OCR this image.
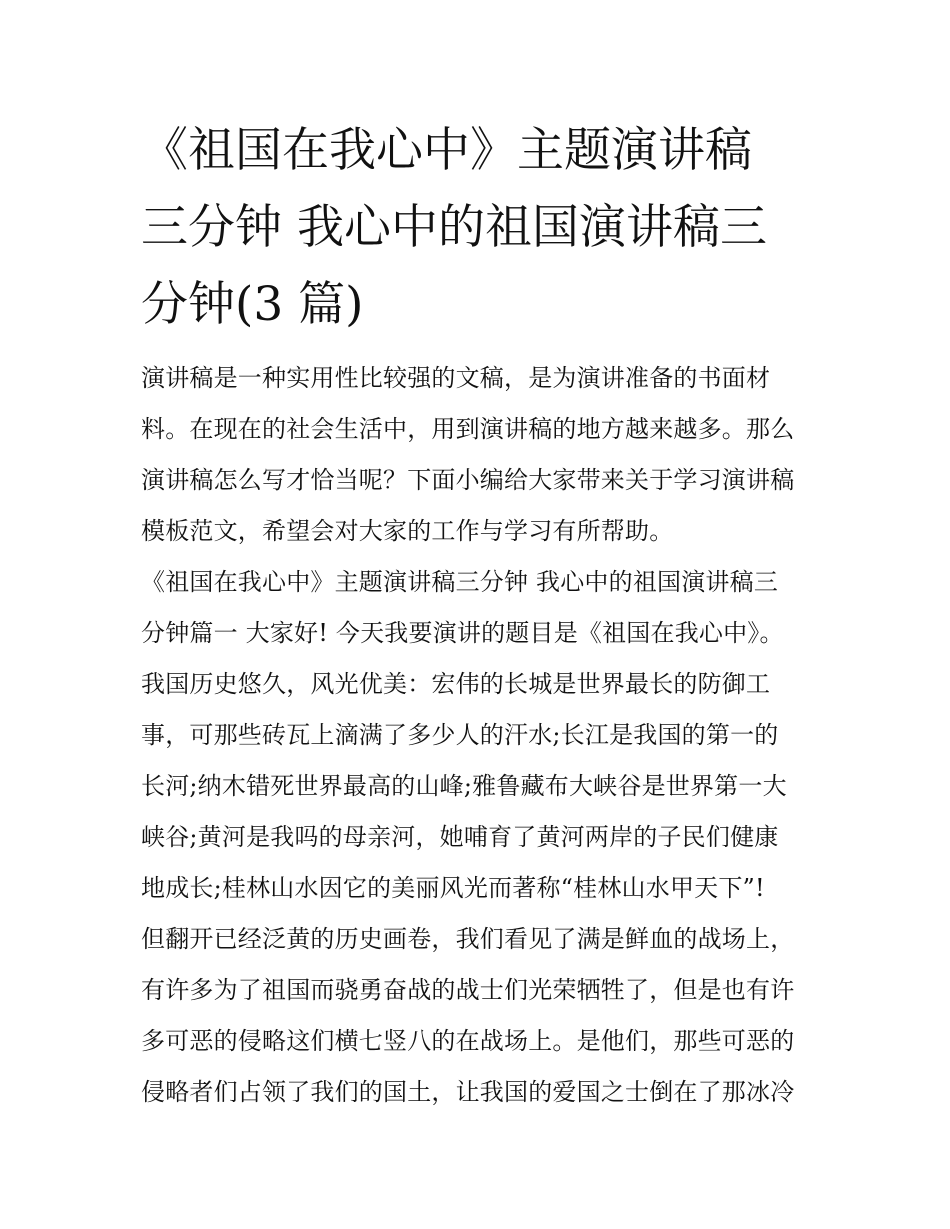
《祖国在我心中》主题演讲稿
三分钟 我心中的祖国演讲稿三
分钟(3 篇)
演讲稿是一种实用性比较强的文稿，是为演讲准备的书面材
料。在现在的社会生活中，用到演讲稿的地方越来越多。那么
演讲稿怎么写才恰当呢？下面小编给大家带来关于学习演讲稿
模板范文，希望会对大家的工作与学习有所帮助。
《祖国在我心中》主题演讲稿三分钟 我心中的祖国演讲稿三
分钟篇一 大家好! 今天我要演讲的题目是《祖国在我心中》。
我国历史悠久，风光优美：宏伟的长城是世界最长的防御工
事，可那些砖瓦上滴满了多少人的汗水;长江是我国的第一的
长河;纳木错死世界最高的山峰;雅鲁藏布大峡谷是世界第一大
峡谷;黄河是我吗的母亲河，她哺育了黄河两岸的子民们健康
地成长;桂林山水因它的美丽风光而著称“桂林山水甲天下”!
但翻开已经泛黄的历史画卷，我们看见了满是鲜血的战场上，
有许多为了祖国而骁勇奋战的战士们光荣牺牲了，但是也有许
多可恶的侵略这们横七竖八的在战场上。是他们，那些可恶的
侵略者们占领了我们的国土，让我国的爱国之士倒在了那冰冷
